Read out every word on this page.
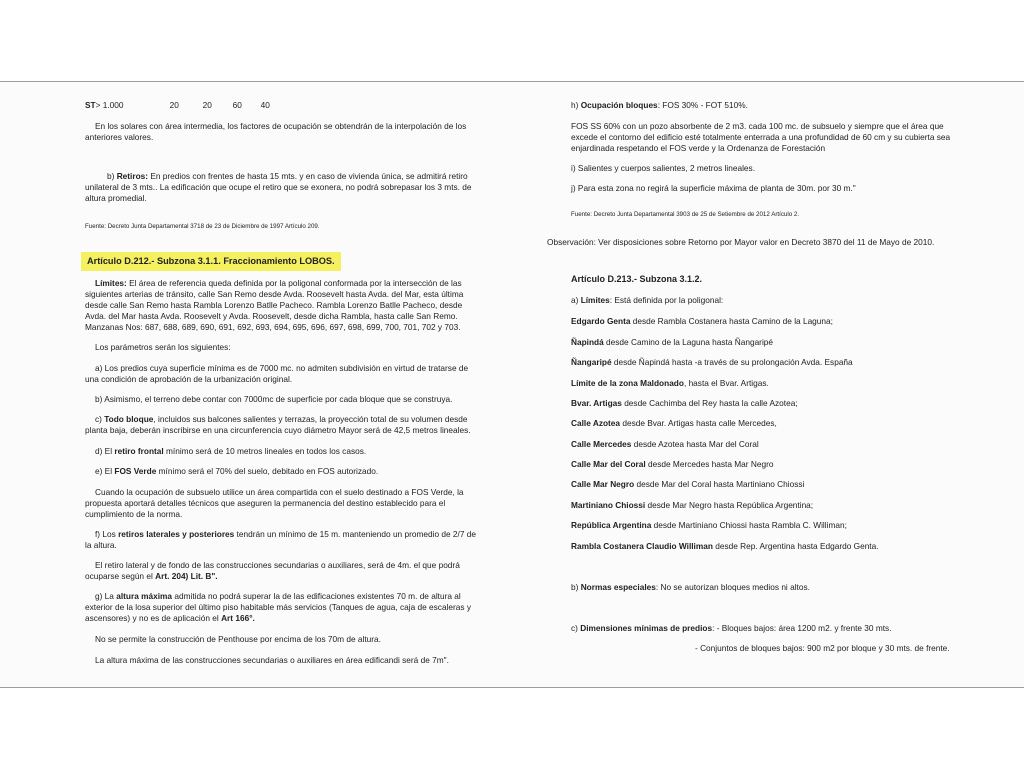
ST> 1.000	20	20	60 40

En los solares con área intermedia, los factores de ocupación se obtendrán de la interpolación de los anteriores valores.

b) Retiros: En predios con frentes de hasta 15 mts. y en caso de vivienda única, se admitirá retiro unilateral de 3 mts.. La edificación que ocupe el retiro que se exonera, no podrá sobrepasar los 3 mts. de altura promedial.

Fuente: Decreto Junta Departamental 3718 de 23 de Diciembre de 1997 Artículo 209.

Artículo D.212.- Subzona 3.1.1. Fraccionamiento LOBOS.

Límites: El área de referencia queda definida por la poligonal conformada por la intersección de las siguientes arterias de tránsito, calle San Remo desde Avda. Roosevelt hasta Avda. del Mar, esta última desde calle San Remo hasta Rambla Lorenzo Batlle Pacheco. Rambla Lorenzo Batlle Pacheco, desde Avda. del Mar hasta Avda. Roosevelt y Avda. Roosevelt, desde dicha Rambla, hasta calle San Remo. Manzanas Nos: 687, 688, 689, 690, 691, 692, 693, 694, 695, 696, 697, 698, 699, 700, 701, 702 y 703.

Los parámetros serán los siguientes:

a) Los predios cuya superficie mínima es de 7000 mc. no admiten subdivisión en virtud de tratarse de una condición de aprobación de la urbanización original.

b) Asimismo, el terreno debe contar con 7000mc de superficie por cada bloque que se construya.

c) Todo bloque, incluidos sus balcones salientes y terrazas, la proyección total de su volumen desde planta baja, deberán inscribirse en una circunferencia cuyo diámetro Mayor será de 42,5 metros lineales.

d) El retiro frontal mínimo será de 10 metros lineales en todos los casos.

e) El FOS Verde mínimo será el 70% del suelo, debitado en FOS autorizado.

Cuando la ocupación de subsuelo utilice un área compartida con el suelo destinado a FOS Verde, la propuesta aportará detalles técnicos que aseguren la permanencia del destino establecido para el cumplimiento de la norma.

f) Los retiros laterales y posteriores tendrán un mínimo de 15 m. manteniendo un promedio de 2/7 de la altura.

El retiro lateral y de fondo de las construcciones secundarias o auxiliares, será de 4m. el que podrá ocuparse según el Art. 204) Lit. B".

g) La altura máxima admitida no podrá superar la de las edificaciones existentes 70 m. de altura al exterior de la losa superior del último piso habitable más servicios (Tanques de agua, caja de escaleras y ascensores) y no es de aplicación el Art 166°.

No se permite la construcción de Penthouse por encima de los 70m de altura.

La altura máxima de las construcciones secundarias o auxiliares en área edificandi será de 7m".

h) Ocupación bloques: FOS 30% - FOT 510%.

FOS SS 60% con un pozo absorbente de 2 m3. cada 100 mc. de subsuelo y siempre que el área que excede el contorno del edificio esté totalmente enterrada a una profundidad de 60 cm y su cubierta sea enjardinada respetando el FOS verde y la Ordenanza de Forestación

i) Salientes y cuerpos salientes, 2 metros lineales.

j) Para esta zona no regirá la superficie máxima de planta de 30m. por 30 m."

Fuente: Decreto Junta Departamental 3903 de 25 de Setiembre de 2012 Artículo 2.

Observación: Ver disposiciones sobre Retorno por Mayor valor en Decreto 3870 del 11 de Mayo de 2010.

Artículo D.213.- Subzona 3.1.2.

a) Límites: Está definida por la poligonal:

Edgardo Genta desde Rambla Costanera hasta Camino de la Laguna;

Ñapindá desde Camino de la Laguna hasta Ñangaripé

Ñangaripé desde Ñapindá hasta -a través de su prolongación Avda. España

Límite de la zona Maldonado, hasta el Bvar. Artigas.

Bvar. Artigas desde Cachimba del Rey hasta la calle Azotea;

Calle Azotea desde Bvar. Artigas hasta calle Mercedes,

Calle Mercedes desde Azotea hasta Mar del Coral

Calle Mar del Coral desde Mercedes hasta Mar Negro

Calle Mar Negro desde Mar del Coral hasta Martiniano Chiossi

Martiniano Chiossi desde Mar Negro hasta República Argentina;

República Argentina desde Martiniano Chiossi hasta Rambla C. Williman;

Rambla Costanera Claudio Williman desde Rep. Argentina hasta Edgardo Genta.

b) Normas especiales: No se autorizan bloques medios ni altos.

c) Dimensiones mínimas de predios: - Bloques bajos: área 1200 m2. y frente 30 mts.

- Conjuntos de bloques bajos: 900 m2 por bloque y 30 mts. de frente.
